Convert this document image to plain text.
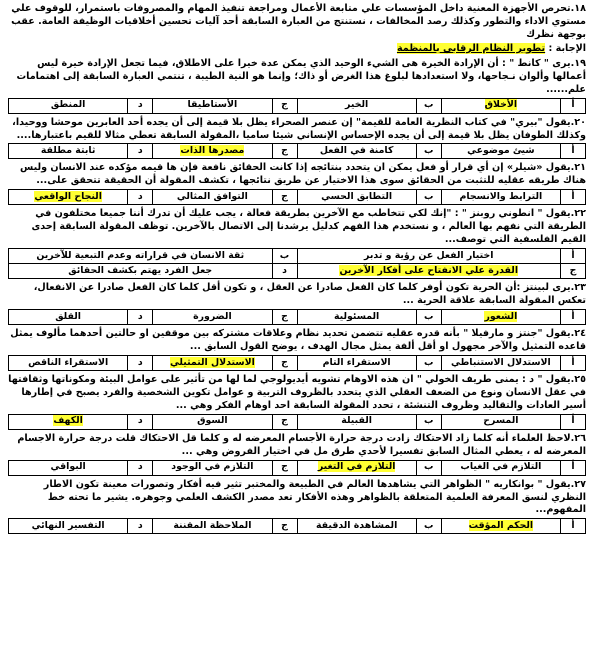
١٨.تحرص الأجهزة المعنية داخل المؤسسات علي متابعة الأعمال ومراجعة تنفيذ المهام والمصروفات باستمرار، للوقوف علي مستوي الاداء والتطور وكذلك رصد المخالفات ، نستنتج من العبارة السابقة أحد آليات تحسين أخلاقيات الوظيفة العامة. عقب بوجهة نظرك

الإجابة : تطوير النظام الرقابي بالمنظمة

١٩.يرى " كانط " : أن الإرادة الخيرة هى الشيء الوحيد الذي يمكن عدة خيرا على الاطلاق، فيما تجعل الإرادة خيرة ليس أعمالها وألوان نـجاحها، ولا استعدادها لبلوغ هذا الغرض أو ذاك؛ وإنما هو النية الطيبة ، تنتمي العبارة السابقة إلى اهتمامات علم......

أ	الأخلاق	ب	الخير	ج	الأستاطيقا	د	المنطق

٢٠.يقول "بيري" في كتاب النظرية العامة للقيمة" إن عنصر الصحراء يظل بلا قيمة إلى أن يجده أحد العابرين موحشا ووحيدا، وكذلك الطوفان يظل بلا قيمة إلى أن يجده الإحساس الإنساني شيئا ساميا ،المقولة السابقة تعطي مثالا للقيم باعتبارها....

أ	شيئ موضوعي	ب	كامنة في الفعل	ج	مصدرها الذات	د	ثابتة مطلقة

٢١.يقول «شيلر» إن أي قرار أو فعل يمكن ان يتحدد بنتائجه إذا كانت الحقائق نافعة فإن ها قيمه مؤكده عند الانسان وليس هناك طريقه عقليه للتثبت من الحقائق سوى هذا الاختيار عن طريق نتائجها ، تكشف المقولة أن الحقيقة تتحقق على...

أ	الترابط والانسجام	ب	التطابق الحسي	ج	التوافق المثالي	د	النجاح الواقعي

٢٢.يقول " انطوني روبنز " : "إنك لكي تتخاطب مع الآخرين بطريقة فعالة ، يجب عليك أن تدرك أننا جميعا مختلفون في الطريقة التي نفهم بها العالم ، و نستخدم هذا الفهم كدليل يرشدنا إلى الاتصال بالآخرين. توظف المقولة السابقة إحدى القيم الفلسفية التي توصف...

أ	اختيار الفعل عن رؤية و تدبر	ب	ثقة الانسان في قراراته وعدم التبعية للآخرين
ج	القدرة علي الانفتاح على أفكار الآخرين	د	جعل الفرد يهتم بكشف الحقائق

٢٣.يرى لبينتز :أن الحرية تكون أوفر كلما كان الفعل صادرا عن العقل ، و تكون أقل كلما كان الفعل صادرا عن الانفعال، تعكس المقولة السابقة علاقة الحرية ...

أ	الشعور	ب	المسئولية	ج	الضرورة	د	القلق

٢٤.يقول "جنتز و مارفيلا " بأنه قدره عقليه تتضمن تحديد نظام وعلاقات مشتركه بين موقفين او حالتين أحدهما مألوف يمثل قاعده التمثيل والآخر مجهول او أقل ألفة يمثل مجال الهدف ، يوضح القول السابق ...

أ	الاستدلال الاستنباطي	ب	الاستقراء التام	ج	الاستدلال التمثيلي	د	الاستقراء الناقص

٢٥.يقول " د : يمنى طريف الخولي " ان هذه الاوهام تشويه أيديولوجي لما لها من تأثير على عوامل البيئة ومكوناتها وثقافتها في عقل الانسان ونوع من الضعف العقلي الذي يتحدد بالظروف التربية و عوامل تكوين الشخصية والفرد يصبح في إطارها أسير العادات والتقاليد وظروف التنشئة ، تحدد المقولة السابقة احد اوهام الفكر وهي ...

أ	المسرح	ب	القبيلة	ج	السوق	د	الكهف

٢٦.لاحظ العلماء أنه كلما زاد الاحتكاك زادت درجة حرارة الأجسام المعرضه له و كلما قل الاحتكاك قلت درجة حرارة الاجسام المعرضه له ، يعطي المثال السابق تفسيرا لأحدي طرق مل في اختيار الفروض وهي ...

أ	التلازم في الغياب	ب	التلازم في التغير	ج	التلازم في الوجود	د	البواقي

٢٧.يقول " بوانكاريه " الظواهر التي يشاهدها العالم في الطبيعة والمختبر تثير فيه أفكار وتصورات معينة تكون الاطار النظري لنسق المعرفة العلمية المتعلقة بالظواهر وهذه الأفكار تعد مصدر الكشف العلمي وجوهره. يشير ما تحته خط المفهوم...

أ	الحكم المؤقت	ب	المشاهدة الدقيقة	ج	الملاحظة المقننة	د	التفسير النهائي
